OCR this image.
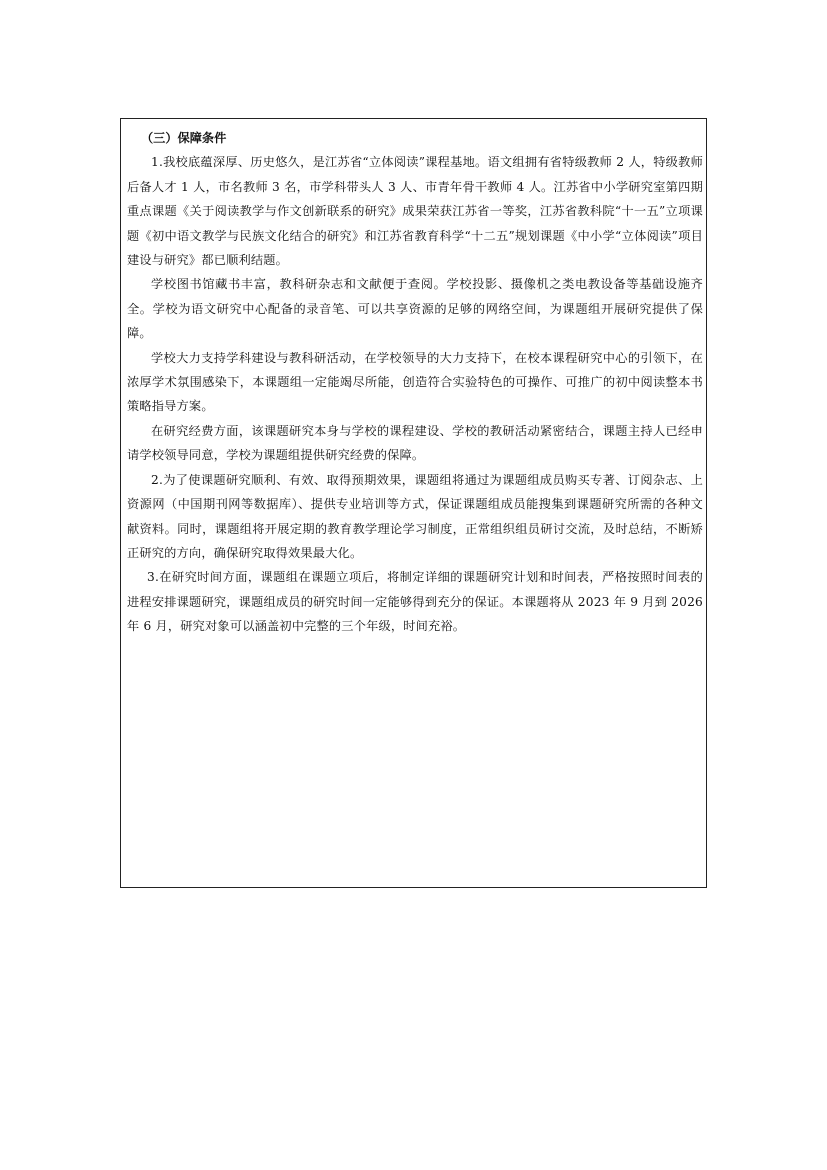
（三）保障条件

1.我校底蕴深厚、历史悠久，是江苏省“立体阅读”课程基地。语文组拥有省特级教师 2 人，特级教师后备人才 1 人，市名教师 3 名，市学科带头人 3 人、市青年骨干教师 4 人。江苏省中小学研究室第四期重点课题《关于阅读教学与作文创新联系的研究》成果荣获江苏省一等奖，江苏省教科院“十一五”立项课题《初中语文教学与民族文化结合的研究》和江苏省教育科学“十二五”规划课题《中小学“立体阅读”项目建设与研究》都已顺利结题。

学校图书馆藏书丰富，教科研杂志和文献便于查阅。学校投影、摄像机之类电教设备等基础设施齐全。学校为语文研究中心配备的录音笔、可以共享资源的足够的网络空间，为课题组开展研究提供了保障。

学校大力支持学科建设与教科研活动，在学校领导的大力支持下，在校本课程研究中心的引领下，在浓厚学术氛围感染下，本课题组一定能竭尽所能，创造符合实验特色的可操作、可推广的初中阅读整本书策略指导方案。

在研究经费方面，该课题研究本身与学校的课程建设、学校的教研活动紧密结合，课题主持人已经申请学校领导同意，学校为课题组提供研究经费的保障。

2.为了使课题研究顺利、有效、取得预期效果，课题组将通过为课题组成员购买专著、订阅杂志、上资源网（中国期刊网等数据库）、提供专业培训等方式，保证课题组成员能搜集到课题研究所需的各种文献资料。同时，课题组将开展定期的教育教学理论学习制度，正常组织组员研讨交流，及时总结，不断矫正研究的方向，确保研究取得效果最大化。

3.在研究时间方面，课题组在课题立项后，将制定详细的课题研究计划和时间表，严格按照时间表的进程安排课题研究，课题组成员的研究时间一定能够得到充分的保证。本课题将从 2023 年 9 月到 2026 年 6 月，研究对象可以涵盖初中完整的三个年级，时间充裕。
